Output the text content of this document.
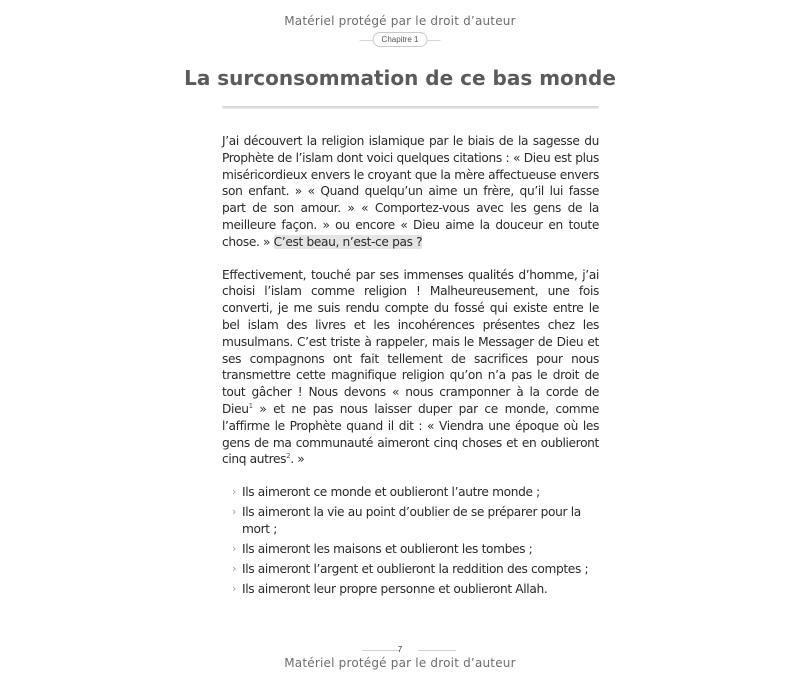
Matériel protégé par le droit d’auteur
Chapitre 1
La surconsommation de ce bas monde

J’ai découvert la religion islamique par le biais de la sagesse du Prophète de l’islam dont voici quelques citations : « Dieu est plus miséricordieux envers le croyant que la mère affectueuse envers son enfant. » « Quand quelqu’un aime un frère, qu’il lui fasse part de son amour. » « Comportez-vous avec les gens de la meilleure façon. » ou encore « Dieu aime la douceur en toute chose. » C’est beau, n’est-ce pas ?

Effectivement, touché par ses immenses qualités d’homme, j’ai choisi l’islam comme religion ! Malheureusement, une fois converti, je me suis rendu compte du fossé qui existe entre le bel islam des livres et les incohérences présentes chez les musulmans. C’est triste à rappeler, mais le Messager de Dieu et ses compagnons ont fait tellement de sacrifices pour nous transmettre cette magnifique religion qu’on n’a pas le droit de tout gâcher ! Nous devons « nous cramponner à la corde de Dieu$^1$ » et ne pas nous laisser duper par ce monde, comme l’affirme le Prophète quand il dit : « Viendra une époque où les gens de ma communauté aimeront cinq choses et en oublieront cinq autres$^2$. »

› Ils aimeront ce monde et oublieront l’autre monde ;
› Ils aimeront la vie au point d’oublier de se préparer pour la mort ;
› Ils aimeront les maisons et oublieront les tombes ;
› Ils aimeront l’argent et oublieront la reddition des comptes ;
› Ils aimeront leur propre personne et oublieront Allah.
7
Matériel protégé par le droit d’auteur
